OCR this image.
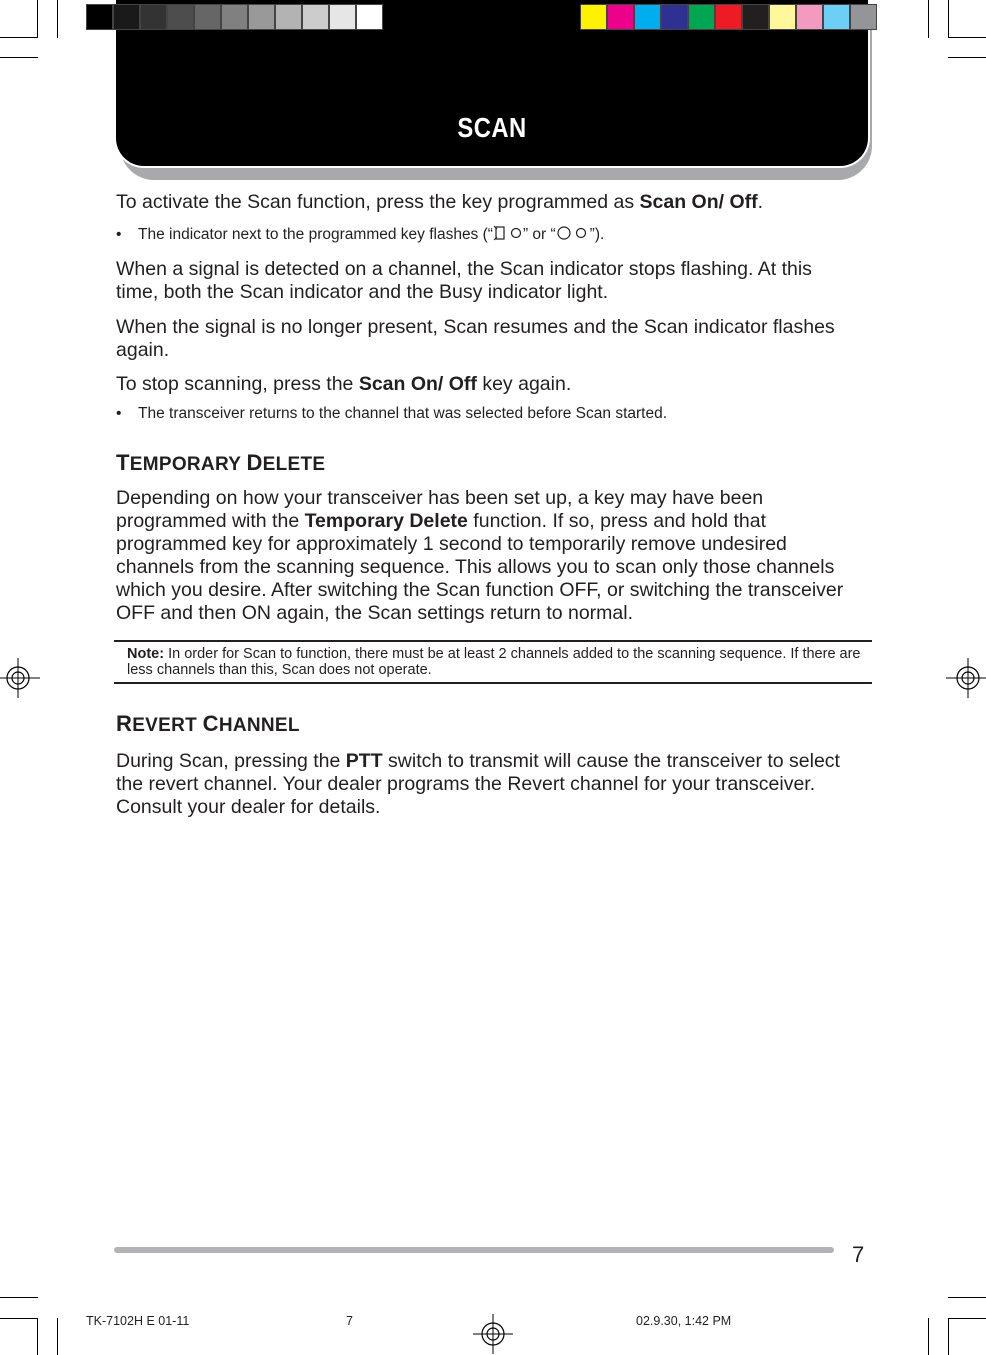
SCAN
To activate the Scan function, press the key programmed as Scan On/ Off.
• The indicator next to the programmed key flashes (“ ” or “ ”).
When a signal is detected on a channel, the Scan indicator stops flashing. At this time, both the Scan indicator and the Busy indicator light.
When the signal is no longer present, Scan resumes and the Scan indicator flashes again.
To stop scanning, press the Scan On/ Off key again.
• The transceiver returns to the channel that was selected before Scan started.
TEMPORARY DELETE
Depending on how your transceiver has been set up, a key may have been programmed with the Temporary Delete function. If so, press and hold that programmed key for approximately 1 second to temporarily remove undesired channels from the scanning sequence. This allows you to scan only those channels which you desire. After switching the Scan function OFF, or switching the transceiver OFF and then ON again, the Scan settings return to normal.
Note: In order for Scan to function, there must be at least 2 channels added to the scanning sequence. If there are less channels than this, Scan does not operate.
REVERT CHANNEL
During Scan, pressing the PTT switch to transmit will cause the transceiver to select the revert channel. Your dealer programs the Revert channel for your transceiver. Consult your dealer for details.
7
TK-7102H E 01-11	7	02.9.30, 1:42 PM
